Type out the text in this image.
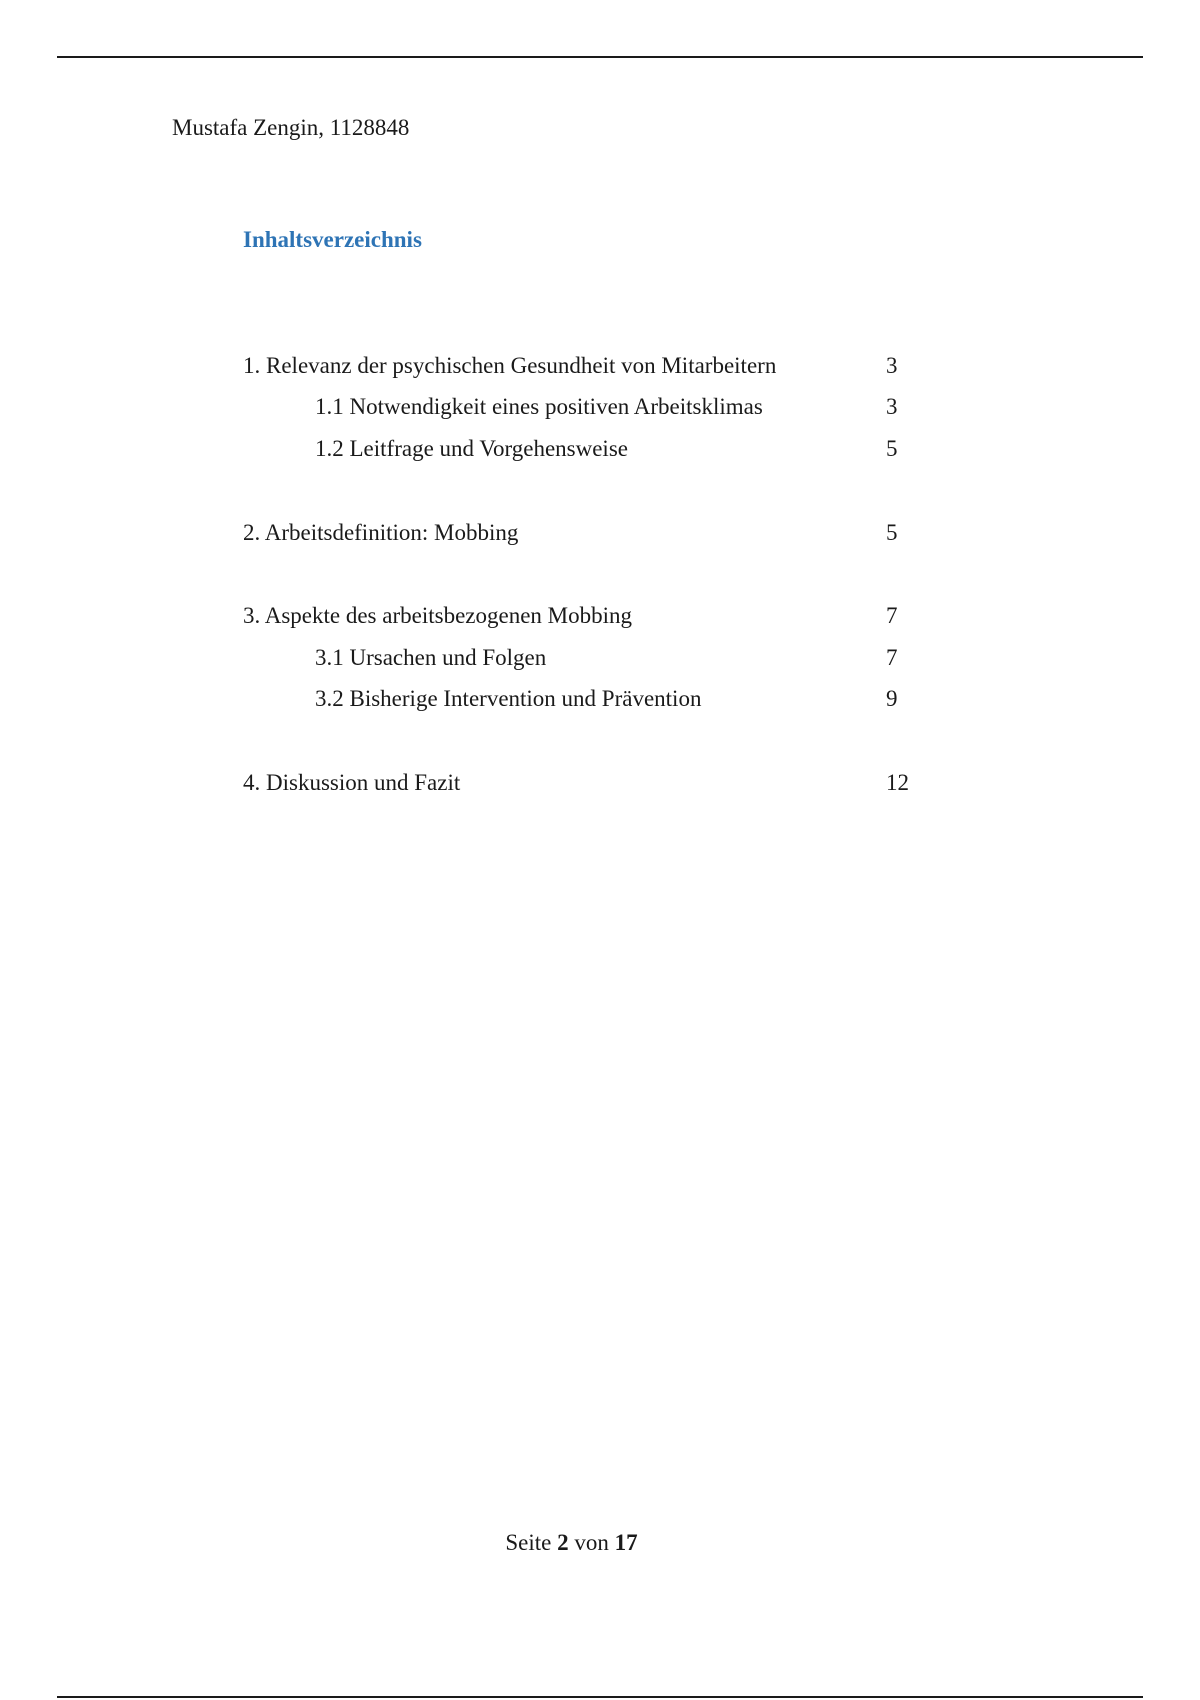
Mustafa Zengin, 1128848
Inhaltsverzeichnis
1. Relevanz der psychischen Gesundheit von Mitarbeitern	3
1.1 Notwendigkeit eines positiven Arbeitsklimas	3
1.2 Leitfrage und Vorgehensweise	5
2. Arbeitsdefinition: Mobbing	5
3. Aspekte des arbeitsbezogenen Mobbing	7
3.1 Ursachen und Folgen	7
3.2 Bisherige Intervention und Prävention	9
4. Diskussion und Fazit	12
Seite 2 von 17
